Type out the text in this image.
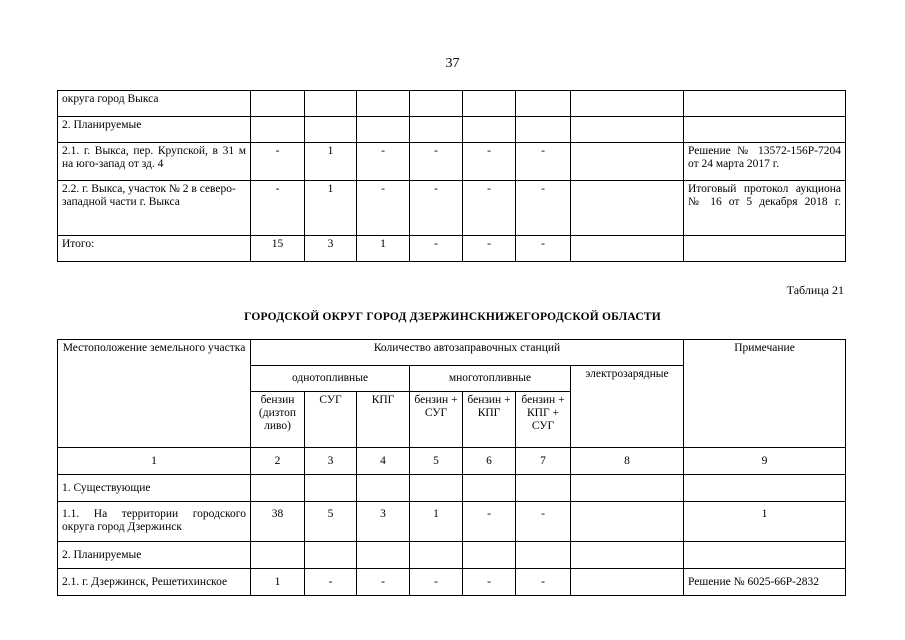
37
округа город Выкса								
2. Планируемые								
2.1. г. Выкса, пер. Крупской, в 31 м на юго-запад от зд. 4	-	1	-	-	-	-		Решение № 13572-156Р-7204 от 24 марта 2017 г.
2.2. г. Выкса, участок № 2 в северо-западной части г. Выкса	-	1	-	-	-	-		Итоговый протокол аукциона № 16 от 5 декабря 2018 г.
Итого:	15	3	1	-	-	-		
Таблица 21
ГОРОДСКОЙ ОКРУГ ГОРОД ДЗЕРЖИНСКНИЖЕГОРОДСКОЙ ОБЛАСТИ
Местоположение земельного участка	Количество автозаправочных станций							Примечание
	однотопливные			многотопливные			электрозарядные	
	бензин (дизтоп ливо)	СУГ	КПГ	бензин + СУГ	бензин + КПГ	бензин + КПГ + СУГ		
1	2	3	4	5	6	7	8	9
1. Существующие								
1.1. На территории городского округа город Дзержинск	38	5	3	1	-	-		1
2. Планируемые								
2.1. г. Дзержинск, Решетихинское	1	-	-	-	-	-		Решение № 6025-66Р-2832
